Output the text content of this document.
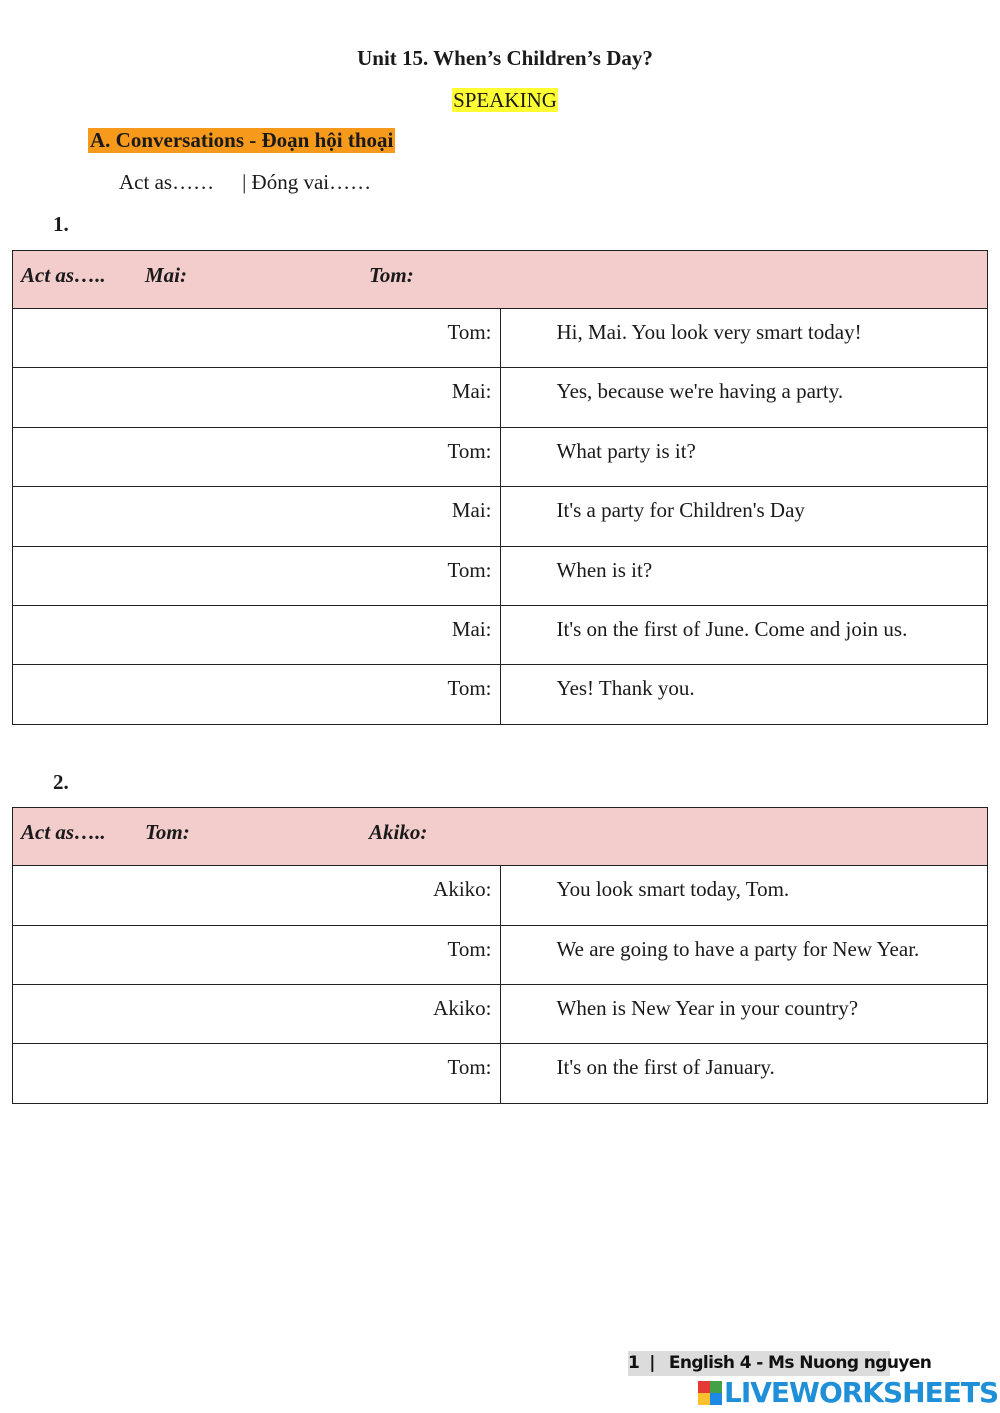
Unit 15. When’s Children’s Day?
SPEAKING
A. Conversations - Đoạn hội thoại
Act as…… | Đóng vai……
1.
Act as….. Mai: Tom:	

Tom:	Hi, Mai. You look very smart today!
Mai:	Yes, because we're having a party.
Tom:	What party is it?
Mai:	It's a party for Children's Day
Tom:	When is it?
Mai:	It's on the first of June. Come and join us.
Tom:	Yes! Thank you.
2.
Act as….. Tom: Akiko:	

Akiko:	You look smart today, Tom.
Tom:	We are going to have a party for New Year.
Akiko:	When is New Year in your country?
Tom:	It's on the first of January.
1 | English 4 - Ms Nuong nguyen
LIVEWORKSHEETS
